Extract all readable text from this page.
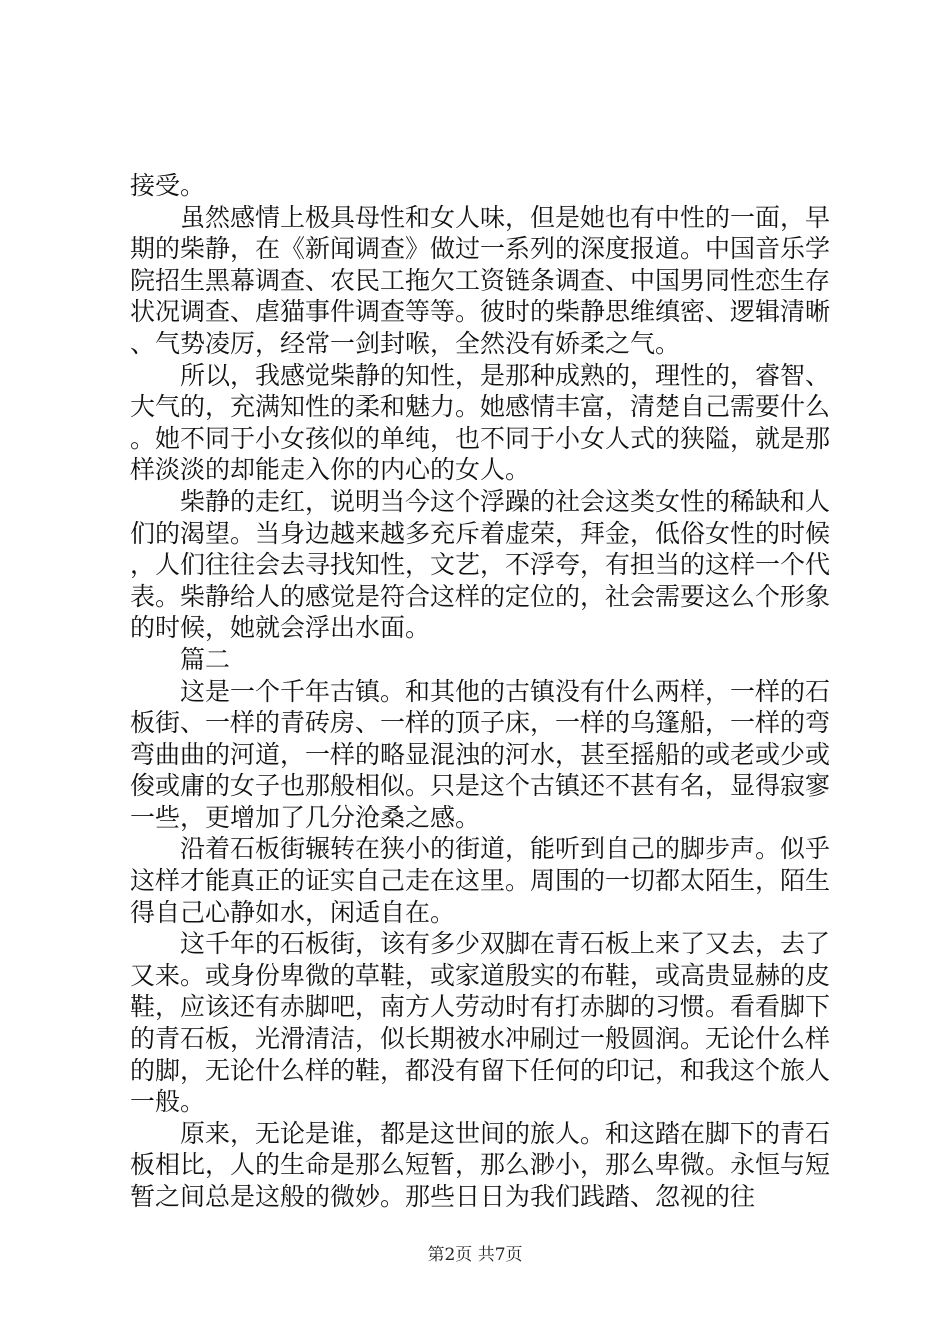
接受。

虽然感情上极具母性和女人味，但是她也有中性的一面，早期的柴静，在《新闻调查》做过一系列的深度报道。中国音乐学院招生黑幕调查、农民工拖欠工资链条调查、中国男同性恋生存状况调查、虐猫事件调查等等。彼时的柴静思维缜密、逻辑清晰、气势凌厉，经常一剑封喉，全然没有娇柔之气。

所以，我感觉柴静的知性，是那种成熟的，理性的，睿智、大气的，充满知性的柔和魅力。她感情丰富，清楚自己需要什么。她不同于小女孩似的单纯，也不同于小女人式的狭隘，就是那样淡淡的却能走入你的内心的女人。

柴静的走红，说明当今这个浮躁的社会这类女性的稀缺和人们的渴望。当身边越来越多充斥着虚荣，拜金，低俗女性的时候，人们往往会去寻找知性，文艺，不浮夸，有担当的这样一个代表。柴静给人的感觉是符合这样的定位的，社会需要这么个形象的时候，她就会浮出水面。

篇二

这是一个千年古镇。和其他的古镇没有什么两样，一样的石板街、一样的青砖房、一样的顶子床，一样的乌篷船，一样的弯弯曲曲的河道，一样的略显混浊的河水，甚至摇船的或老或少或俊或庸的女子也那般相似。只是这个古镇还不甚有名，显得寂寥一些，更增加了几分沧桑之感。

沿着石板街辗转在狭小的街道，能听到自己的脚步声。似乎这样才能真正的证实自己走在这里。周围的一切都太陌生，陌生得自己心静如水，闲适自在。

这千年的石板街，该有多少双脚在青石板上来了又去，去了又来。或身份卑微的草鞋，或家道殷实的布鞋，或高贵显赫的皮鞋，应该还有赤脚吧，南方人劳动时有打赤脚的习惯。看看脚下的青石板，光滑清洁，似长期被水冲刷过一般圆润。无论什么样的脚，无论什么样的鞋，都没有留下任何的印记，和我这个旅人一般。

原来，无论是谁，都是这世间的旅人。和这踏在脚下的青石板相比，人的生命是那么短暂，那么渺小，那么卑微。永恒与短暂之间总是这般的微妙。那些日日为我们践踏、忽视的往

第2页 共7页
